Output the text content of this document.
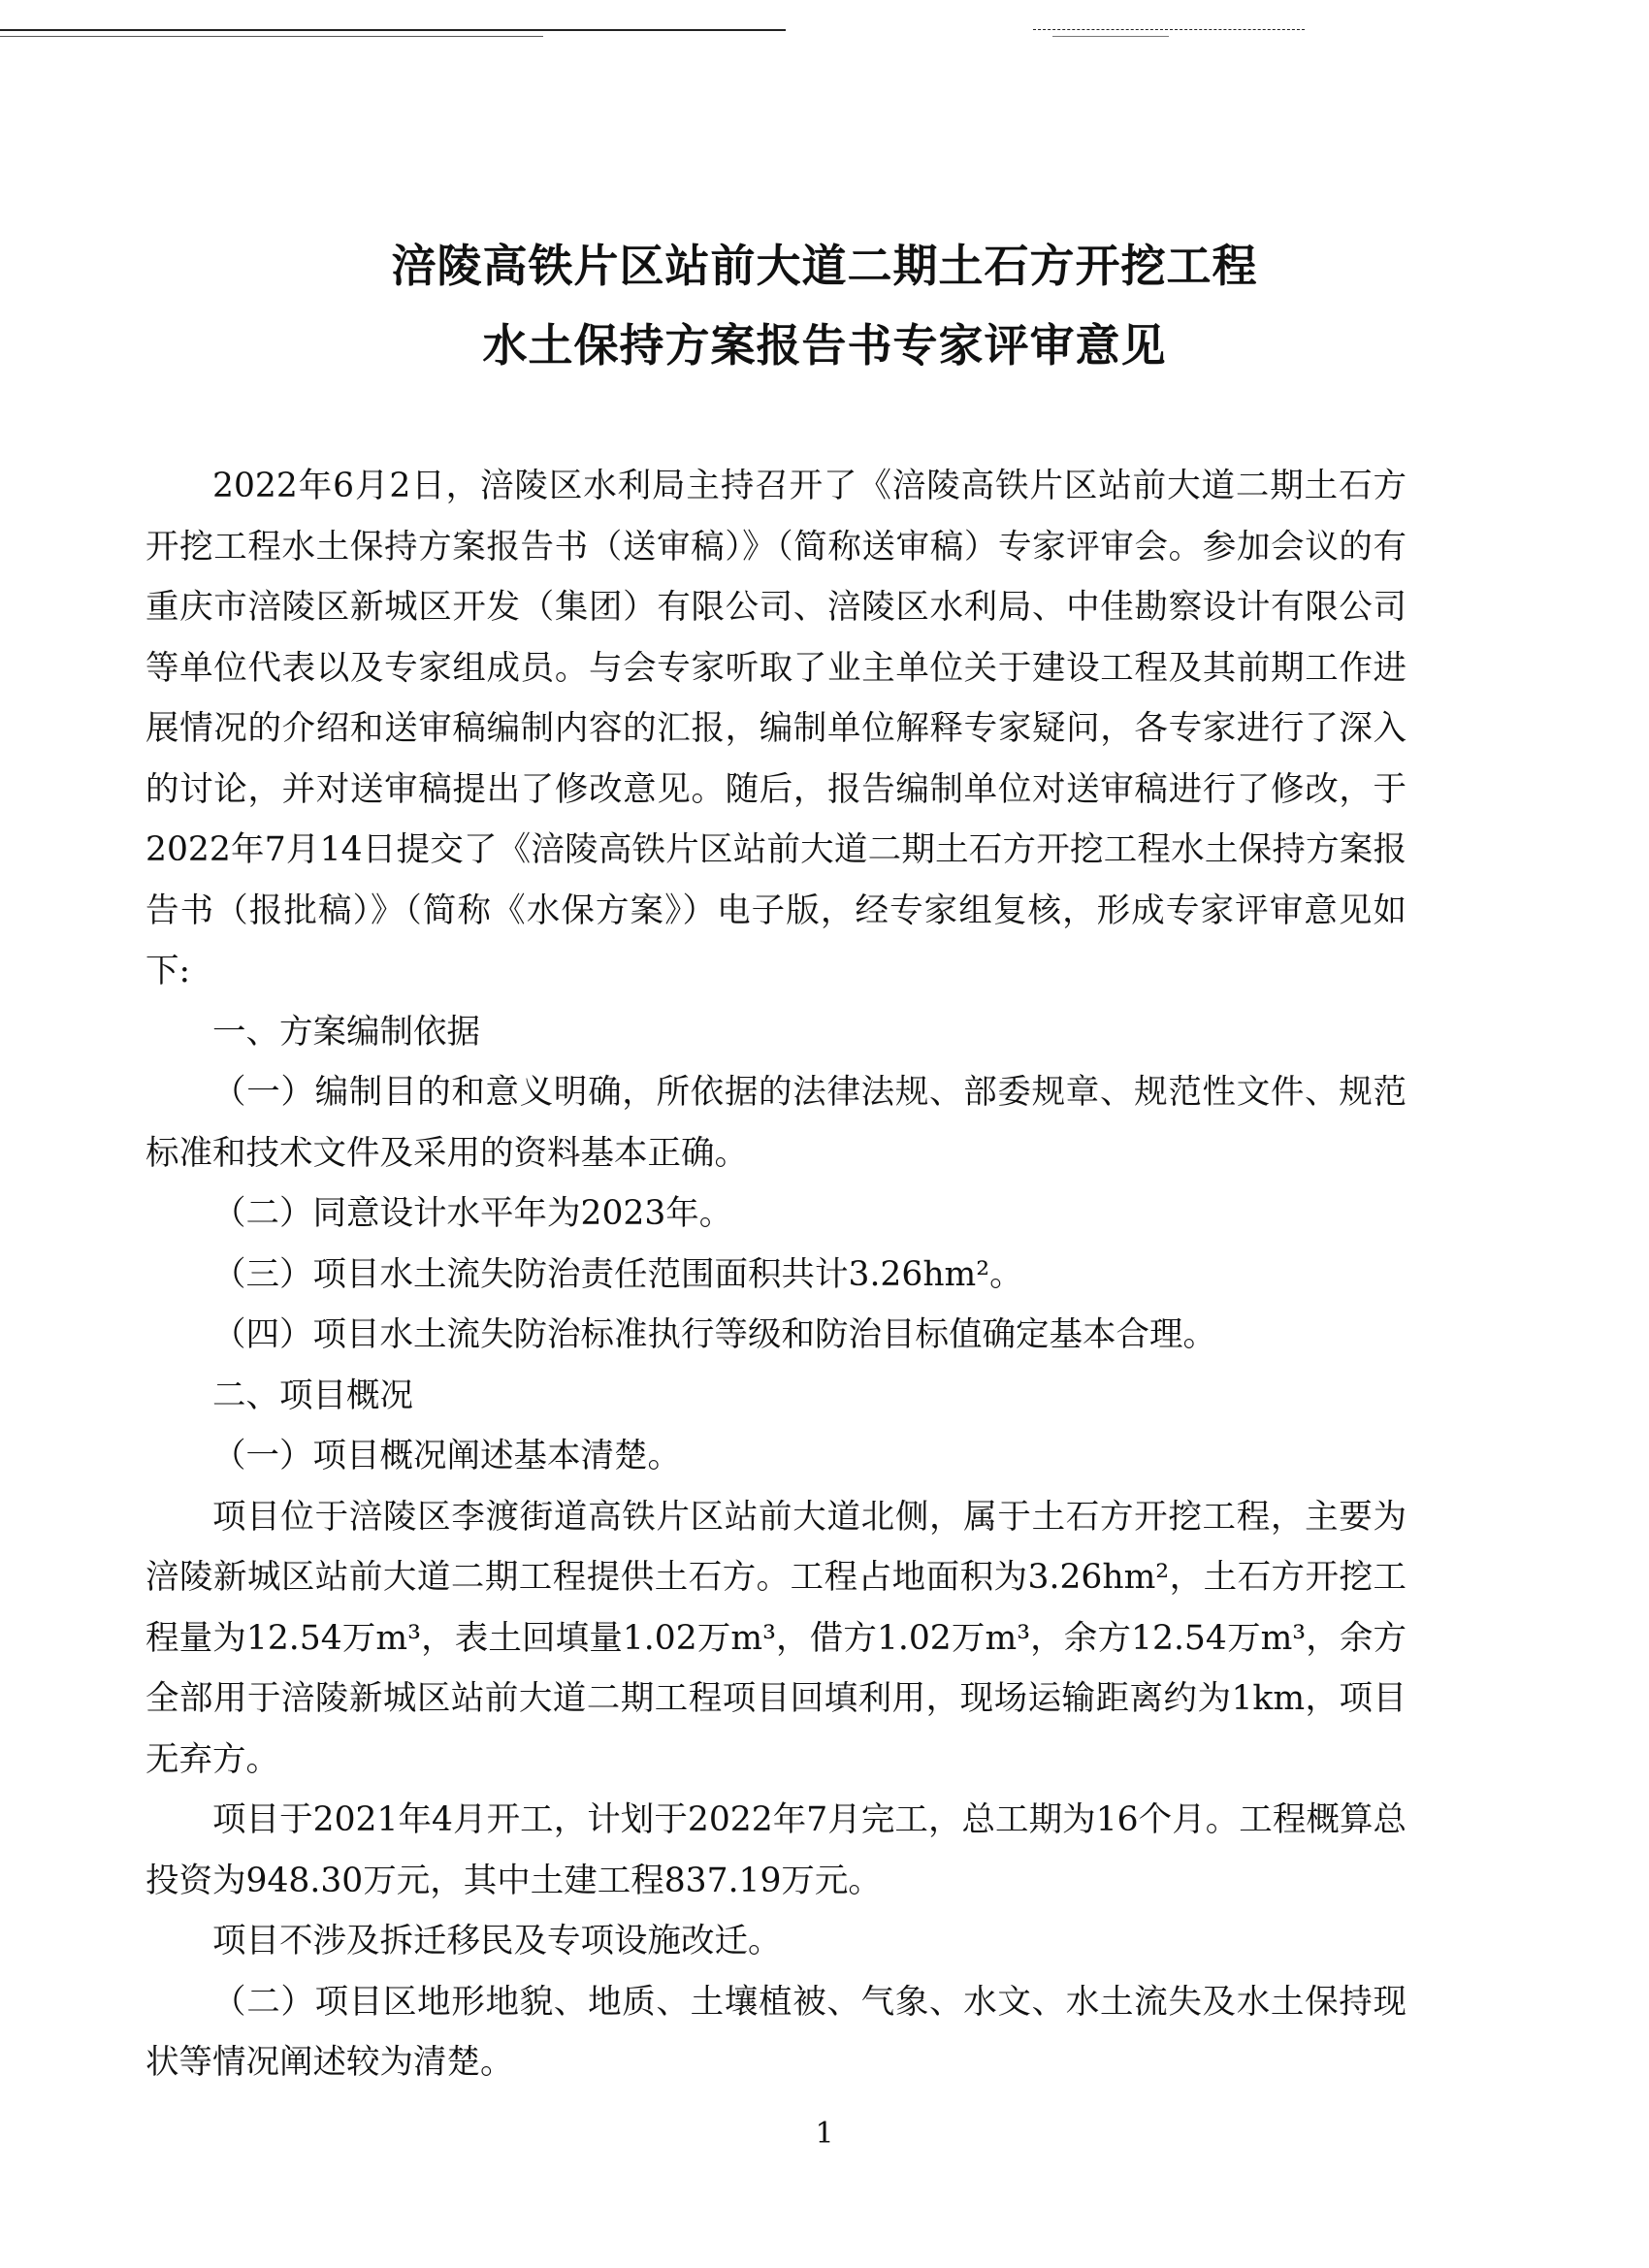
涪陵高铁片区站前大道二期土石方开挖工程
水土保持方案报告书专家评审意见

2022年6月2日，涪陵区水利局主持召开了《涪陵高铁片区站前大道二期土石方开挖工程水土保持方案报告书（送审稿）》（简称送审稿）专家评审会。参加会议的有重庆市涪陵区新城区开发（集团）有限公司、涪陵区水利局、中佳勘察设计有限公司等单位代表以及专家组成员。与会专家听取了业主单位关于建设工程及其前期工作进展情况的介绍和送审稿编制内容的汇报，编制单位解释专家疑问，各专家进行了深入的讨论，并对送审稿提出了修改意见。随后，报告编制单位对送审稿进行了修改，于2022年7月14日提交了《涪陵高铁片区站前大道二期土石方开挖工程水土保持方案报告书（报批稿）》（简称《水保方案》）电子版，经专家组复核，形成专家评审意见如下:

一、方案编制依据

（一）编制目的和意义明确，所依据的法律法规、部委规章、规范性文件、规范标准和技术文件及采用的资料基本正确。

（二）同意设计水平年为2023年。

（三）项目水土流失防治责任范围面积共计3.26hm²。

（四）项目水土流失防治标准执行等级和防治目标值确定基本合理。

二、项目概况

（一）项目概况阐述基本清楚。

项目位于涪陵区李渡街道高铁片区站前大道北侧，属于土石方开挖工程，主要为涪陵新城区站前大道二期工程提供土石方。工程占地面积为3.26hm²，土石方开挖工程量为12.54万m³，表土回填量1.02万m³，借方1.02万m³，余方12.54万m³，余方全部用于涪陵新城区站前大道二期工程项目回填利用，现场运输距离约为1km，项目无弃方。

项目于2021年4月开工，计划于2022年7月完工，总工期为16个月。工程概算总投资为948.30万元，其中土建工程837.19万元。

项目不涉及拆迁移民及专项设施改迁。

（二）项目区地形地貌、地质、土壤植被、气象、水文、水土流失及水土保持现状等情况阐述较为清楚。

1
